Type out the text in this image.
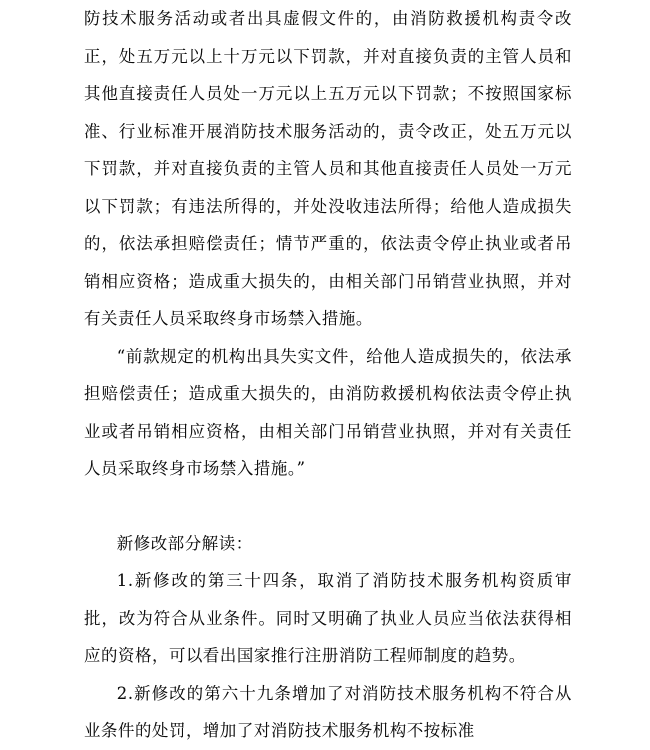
防技术服务活动或者出具虚假文件的，由消防救援机构责令改正，处五万元以上十万元以下罚款，并对直接负责的主管人员和其他直接责任人员处一万元以上五万元以下罚款；不按照国家标准、行业标准开展消防技术服务活动的，责令改正，处五万元以下罚款，并对直接负责的主管人员和其他直接责任人员处一万元以下罚款；有违法所得的，并处没收违法所得；给他人造成损失的，依法承担赔偿责任；情节严重的，依法责令停止执业或者吊销相应资格；造成重大损失的，由相关部门吊销营业执照，并对有关责任人员采取终身市场禁入措施。

“前款规定的机构出具失实文件，给他人造成损失的，依法承担赔偿责任；造成重大损失的，由消防救援机构依法责令停止执业或者吊销相应资格，由相关部门吊销营业执照，并对有关责任人员采取终身市场禁入措施。”

新修改部分解读：

1.新修改的第三十四条，取消了消防技术服务机构资质审批，改为符合从业条件。同时又明确了执业人员应当依法获得相应的资格，可以看出国家推行注册消防工程师制度的趋势。

2.新修改的第六十九条增加了对消防技术服务机构不符合从业条件的处罚，增加了对消防技术服务机构不按标准
